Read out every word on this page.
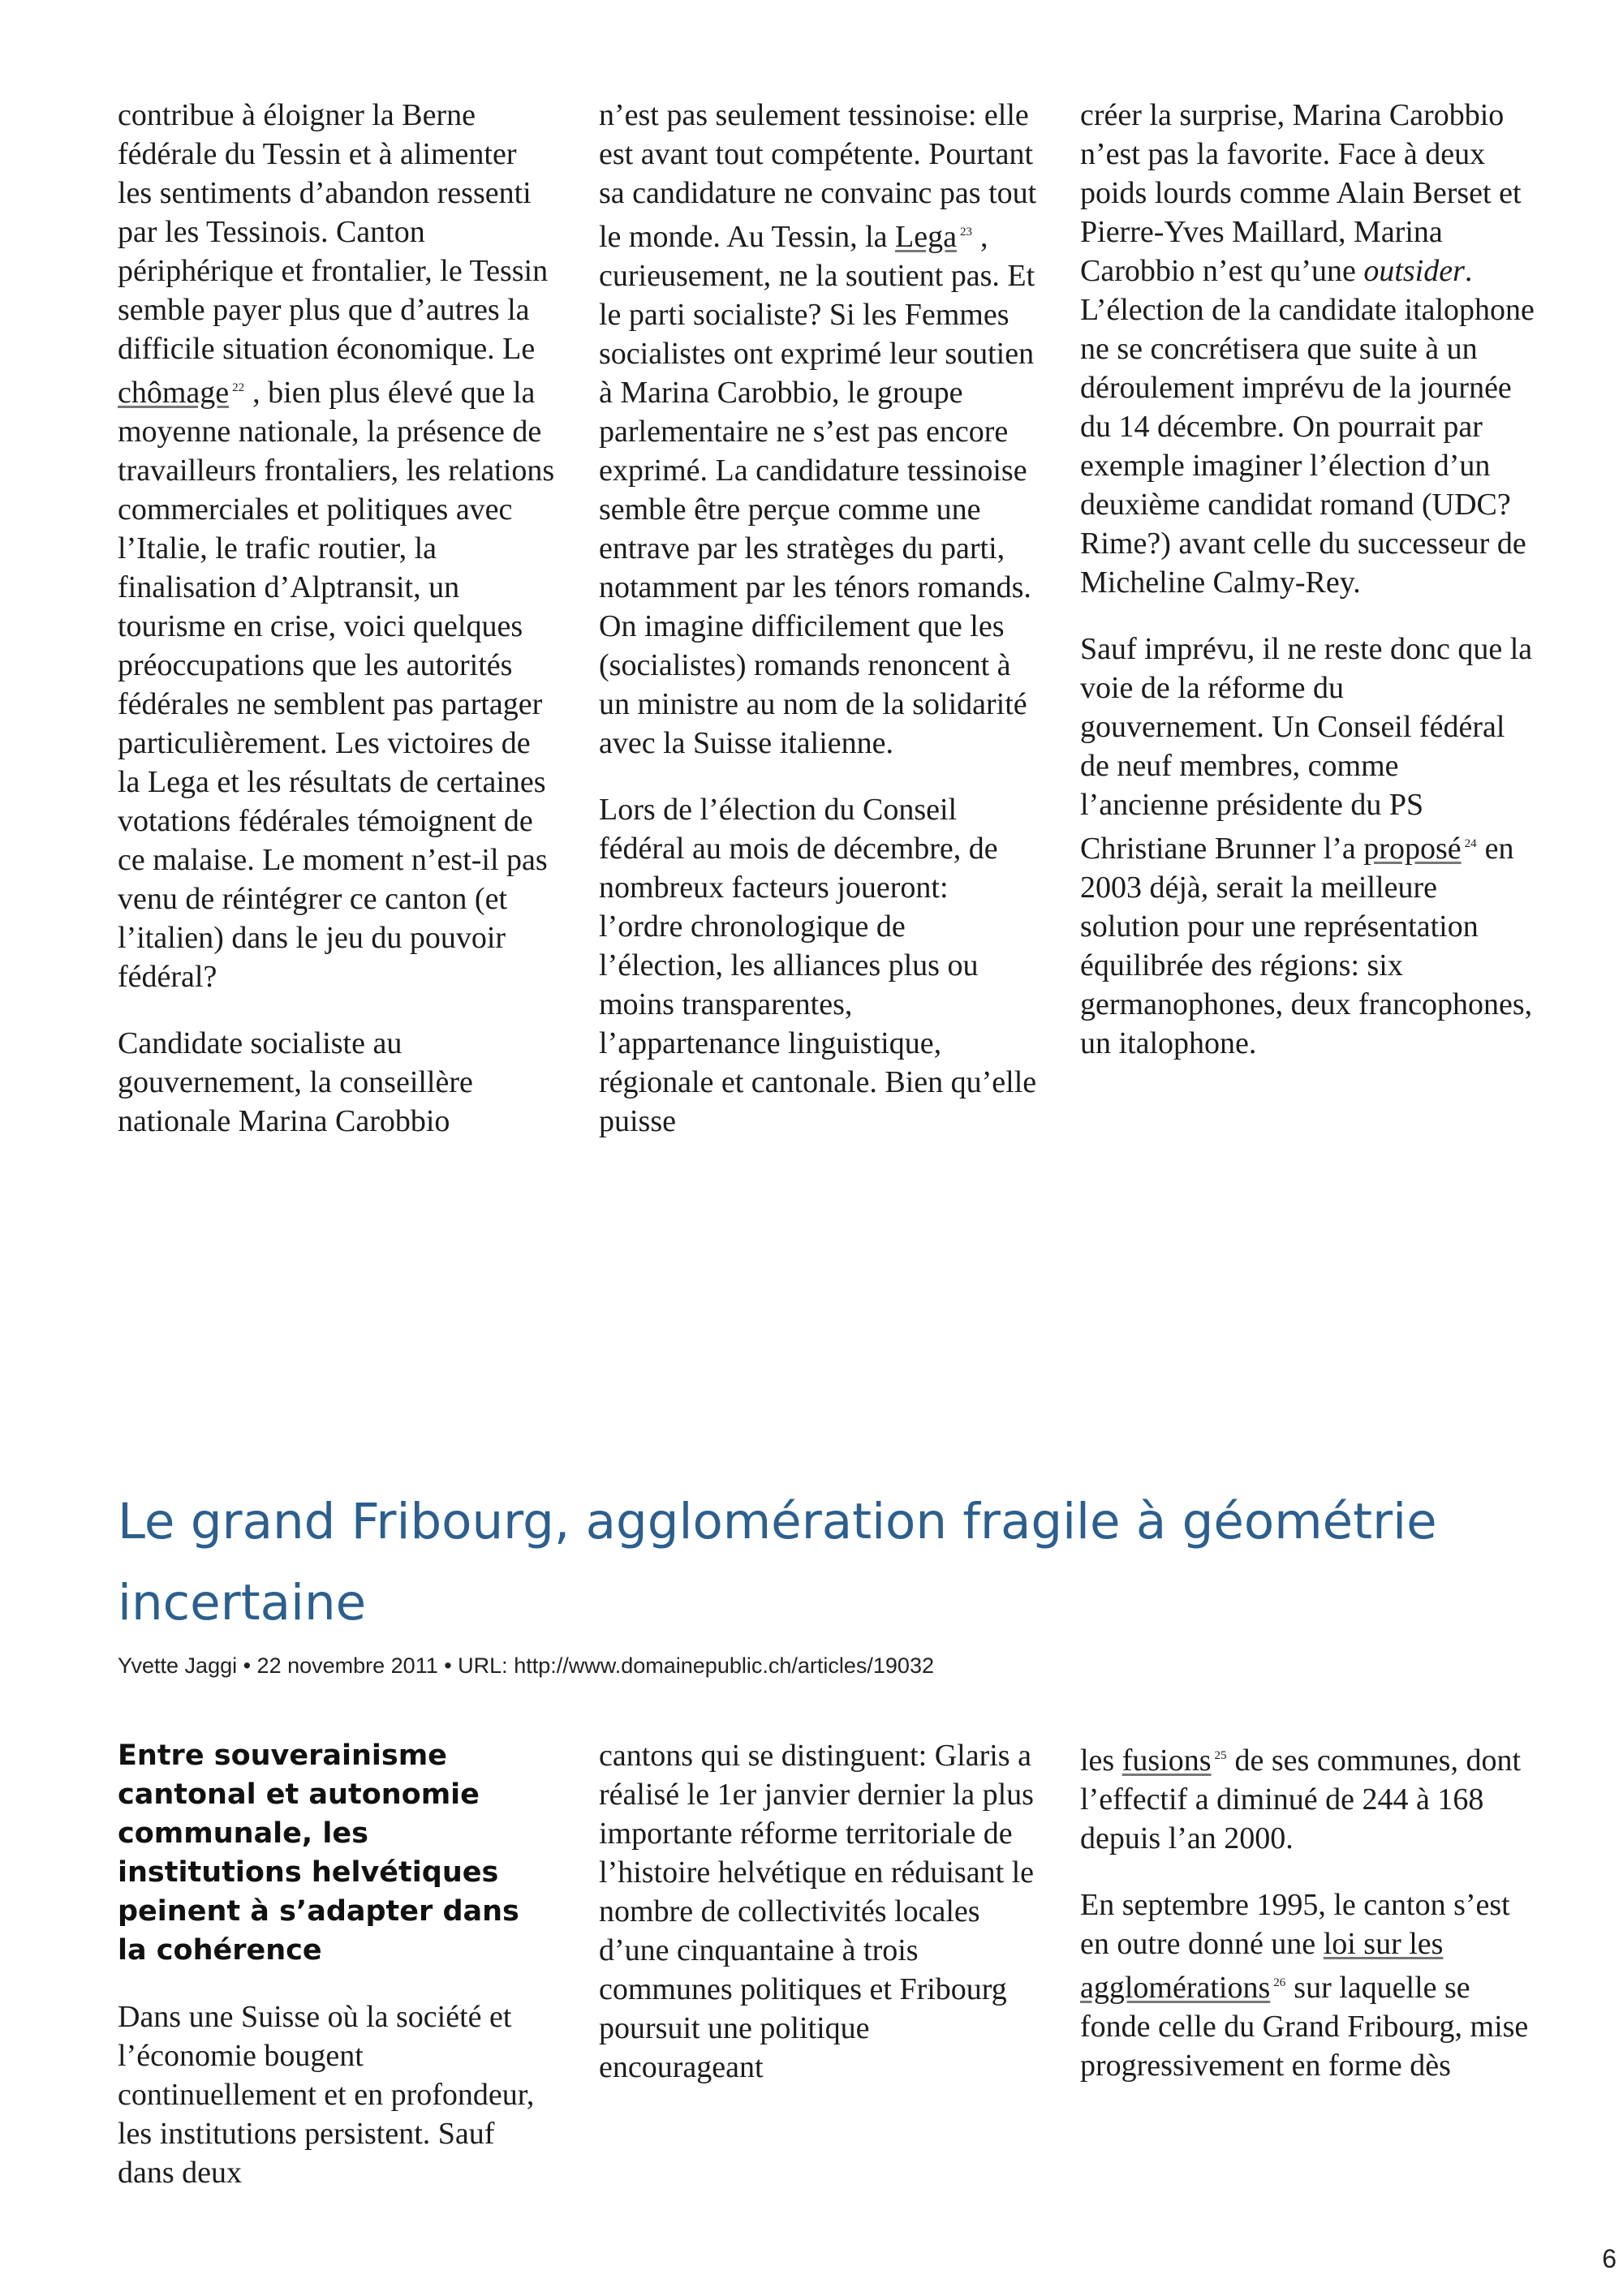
contribue à éloigner la Berne fédérale du Tessin et à alimenter les sentiments d’abandon ressenti par les Tessinois. Canton périphérique et frontalier, le Tessin semble payer plus que d’autres la difficile situation économique. Le chômage $^{22}$ , bien plus élevé que la moyenne nationale, la présence de travailleurs frontaliers, les relations commerciales et politiques avec l’Italie, le trafic routier, la finalisation d’Alptransit, un tourisme en crise, voici quelques préoccupations que les autorités fédérales ne semblent pas partager particulièrement. Les victoires de la Lega et les résultats de certaines votations fédérales témoignent de ce malaise. Le moment n’est-il pas venu de réintégrer ce canton (et l’italien) dans le jeu du pouvoir fédéral?

Candidate socialiste au gouvernement, la conseillère nationale Marina Carobbio

n’est pas seulement tessinoise: elle est avant tout compétente. Pourtant sa candidature ne convainc pas tout le monde. Au Tessin, la Lega $^{23}$ , curieusement, ne la soutient pas. Et le parti socialiste? Si les Femmes socialistes ont exprimé leur soutien à Marina Carobbio, le groupe parlementaire ne s’est pas encore exprimé. La candidature tessinoise semble être perçue comme une entrave par les stratèges du parti, notamment par les ténors romands. On imagine difficilement que les (socialistes) romands renoncent à un ministre au nom de la solidarité avec la Suisse italienne.

Lors de l’élection du Conseil fédéral au mois de décembre, de nombreux facteurs joueront: l’ordre chronologique de l’élection, les alliances plus ou moins transparentes, l’appartenance linguistique, régionale et cantonale. Bien qu’elle puisse

créer la surprise, Marina Carobbio n’est pas la favorite. Face à deux poids lourds comme Alain Berset et Pierre-Yves Maillard, Marina Carobbio n’est qu’une outsider. L’élection de la candidate italophone ne se concrétisera que suite à un déroulement imprévu de la journée du 14 décembre. On pourrait par exemple imaginer l’élection d’un deuxième candidat romand (UDC? Rime?) avant celle du successeur de Micheline Calmy-Rey.

Sauf imprévu, il ne reste donc que la voie de la réforme du gouvernement. Un Conseil fédéral de neuf membres, comme l’ancienne présidente du PS Christiane Brunner l’a proposé $^{24}$ en 2003 déjà, serait la meilleure solution pour une représentation équilibrée des régions: six germanophones, deux francophones, un italophone.

Le grand Fribourg, agglomération fragile à géométrie incertaine
Yvette Jaggi • 22 novembre 2011 • URL: http://www.domainepublic.ch/articles/19032

Entre souverainisme cantonal et autonomie communale, les institutions helvétiques peinent à s’adapter dans la cohérence

Dans une Suisse où la société et l’économie bougent continuellement et en profondeur, les institutions persistent. Sauf dans deux

cantons qui se distinguent: Glaris a réalisé le 1er janvier dernier la plus importante réforme territoriale de l’histoire helvétique en réduisant le nombre de collectivités locales d’une cinquantaine à trois communes politiques et Fribourg poursuit une politique encourageant

les fusions $^{25}$ de ses communes, dont l’effectif a diminué de 244 à 168 depuis l’an 2000.

En septembre 1995, le canton s’est en outre donné une loi sur les agglomérations $^{26}$ sur laquelle se fonde celle du Grand Fribourg, mise progressivement en forme dès

6
